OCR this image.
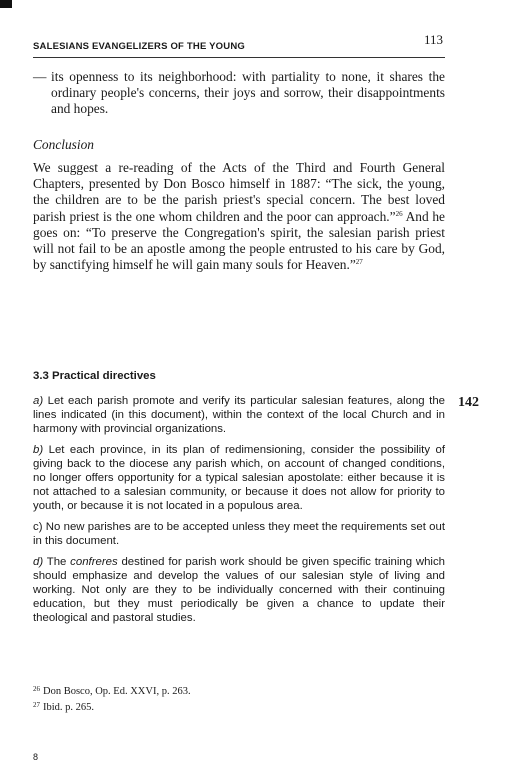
SALESIANS EVANGELIZERS OF THE YOUNG	113
— its openness to its neighborhood: with partiality to none, it shares the ordinary people's concerns, their joys and sorrow, their disappointments and hopes.
Conclusion

We suggest a re-reading of the Acts of the Third and Fourth General Chapters, presented by Don Bosco himself in 1887: “The sick, the young, the children are to be the parish priest's special concern. The best loved parish priest is the one whom children and the poor can approach.”$^{26}$ And he goes on: “To preserve the Congregation's spirit, the salesian parish priest will not fail to be an apostle among the people entrusted to his care by God, by sanctifying himself he will gain many souls for Heaven.”$^{27}$

3.3 Practical directives
142

a) Let each parish promote and verify its particular salesian features, along the lines indicated (in this document), within the context of the local Church and in harmony with provincial organizations.

b) Let each province, in its plan of redimensioning, consider the possibility of giving back to the diocese any parish which, on account of changed conditions, no longer offers opportunity for a typical salesian apostolate: either because it is not attached to a salesian community, or because it does not allow for priority to youth, or because it is not located in a populous area.

c) No new parishes are to be accepted unless they meet the requirements set out in this document.

d) The confreres destined for parish work should be given specific training which should emphasize and develop the values of our salesian style of living and working. Not only are they to be individually concerned with their continuing education, but they must periodically be given a chance to update their theological and pastoral studies.

$^{26}$ Don Bosco, Op. Ed. XXVI, p. 263.
$^{27}$ Ibid. p. 265.
8
